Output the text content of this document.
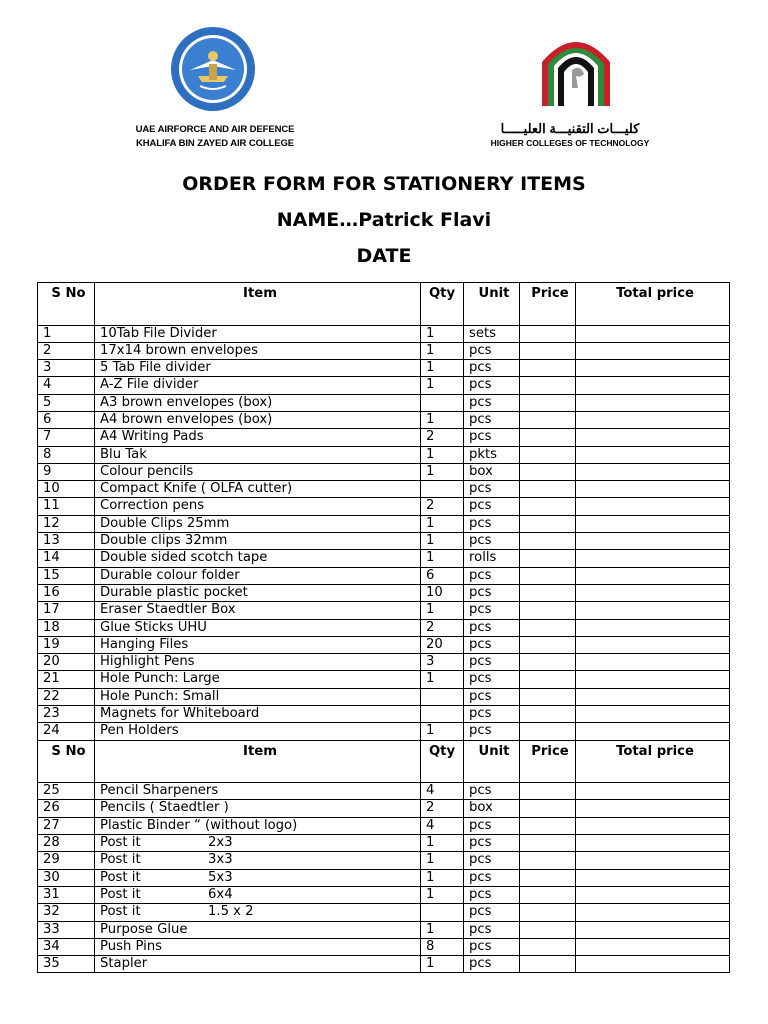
UAE AIRFORCE AND AIR DEFENCE
KHALIFA BIN ZAYED AIR COLLEGE
كليـــات التقنيـــة العليـــــا
HIGHER COLLEGES OF TECHNOLOGY
ORDER FORM FOR STATIONERY ITEMS
NAME…Patrick Flavi
DATE
S No	Item	Qty	Unit	Price	Total price
1	10Tab File Divider	1	sets		
2	17x14 brown envelopes	1	pcs		
3	5 Tab File divider	1	pcs		
4	A-Z File divider	1	pcs		
5	A3 brown envelopes (box)		pcs		
6	A4 brown envelopes (box)	1	pcs		
7	A4 Writing Pads	2	pcs		
8	Blu Tak	1	pkts		
9	Colour pencils	1	box		
10	Compact Knife ( OLFA cutter)		pcs		
11	Correction pens	2	pcs		
12	Double Clips 25mm	1	pcs		
13	Double clips 32mm	1	pcs		
14	Double sided scotch tape	1	rolls		
15	Durable colour folder	6	pcs		
16	Durable plastic pocket	10	pcs		
17	Eraser Staedtler Box	1	pcs		
18	Glue Sticks UHU	2	pcs		
19	Hanging Files	20	pcs		
20	Highlight Pens	3	pcs		
21	Hole Punch: Large	1	pcs		
22	Hole Punch: Small		pcs		
23	Magnets for Whiteboard		pcs		
24	Pen Holders	1	pcs		
S No	Item	Qty	Unit	Price	Total price
25	Pencil Sharpeners	4	pcs		
26	Pencils ( Staedtler )	2	box		
27	Plastic Binder “ (without logo)	4	pcs		
28	Post it 2x3	1	pcs		
29	Post it 3x3	1	pcs		
30	Post it 5x3	1	pcs		
31	Post it 6x4	1	pcs		
32	Post it 1.5 x 2		pcs		
33	Purpose Glue	1	pcs		
34	Push Pins	8	pcs		
35	Stapler	1	pcs		
